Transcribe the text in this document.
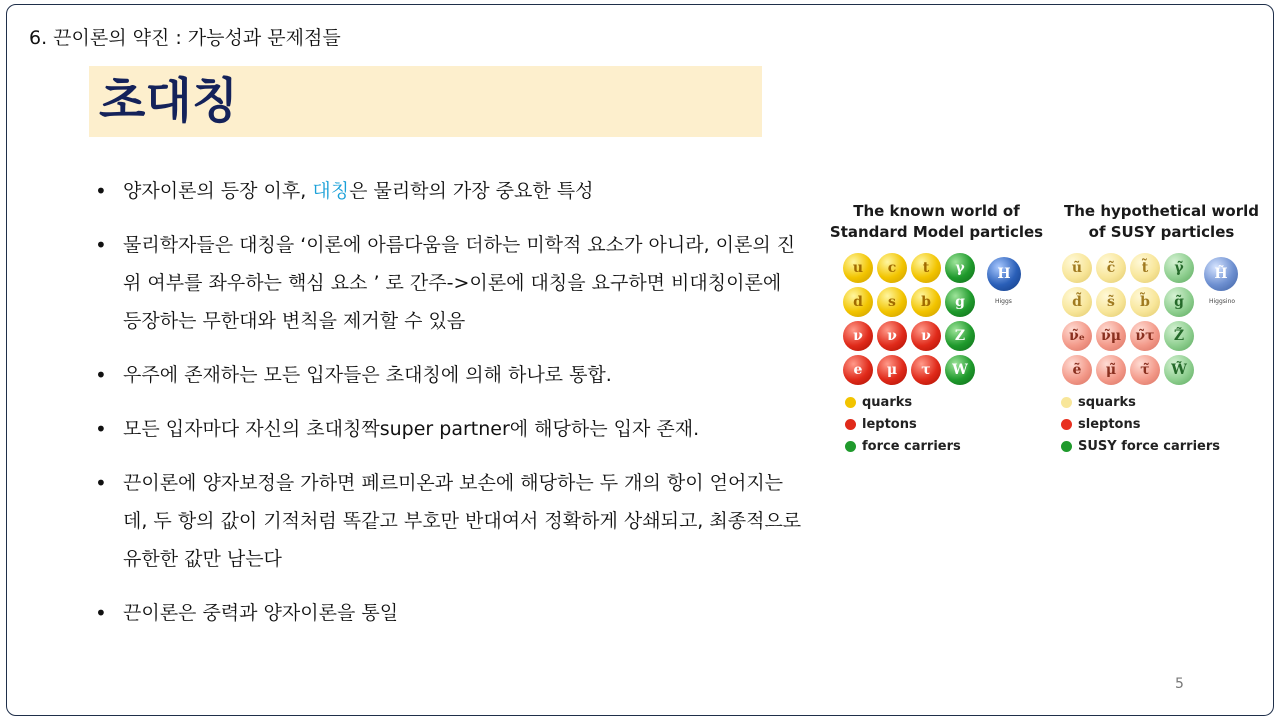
6. 끈이론의 약진 : 가능성과 문제점들
초대칭
• 양자이론의 등장 이후, 대칭은 물리학의 가장 중요한 특성
• 물리학자들은 대칭을 ‘이론에 아름다움을 더하는 미학적 요소가 아니라, 이론의 진위 여부를 좌우하는 핵심 요소 ’ 로 간주->이론에 대칭을 요구하면 비대칭이론에 등장하는 무한대와 변칙을 제거할 수 있음
• 우주에 존재하는 모든 입자들은 초대칭에 의해 하나로 통합.
• 모든 입자마다 자신의 초대칭짝super partner에 해당하는 입자 존재.
• 끈이론에 양자보정을 가하면 페르미온과 보손에 해당하는 두 개의 항이 얻어지는데, 두 항의 값이 기적처럼 똑같고 부호만 반대여서 정확하게 상쇄되고, 최종적으로 유한한 값만 남는다
• 끈이론은 중력과 양자이론을 통일
The known world of Standard Model particles
The hypothetical world of SUSY particles
u	c	t	γ
d	s	b	g
ν	ν	ν	Z
e	μ	τ	W
ũ	c̃	t̃	γ̃
d̃	s̃	b̃	g̃
ν̃ₑ	ν̃μ	ν̃τ	Z̃
ẽ	μ̃	τ̃	W̃
H
Higgs
H̃
Higgsino
quarks
leptons
force carriers
squarks
sleptons
SUSY force carriers
5
